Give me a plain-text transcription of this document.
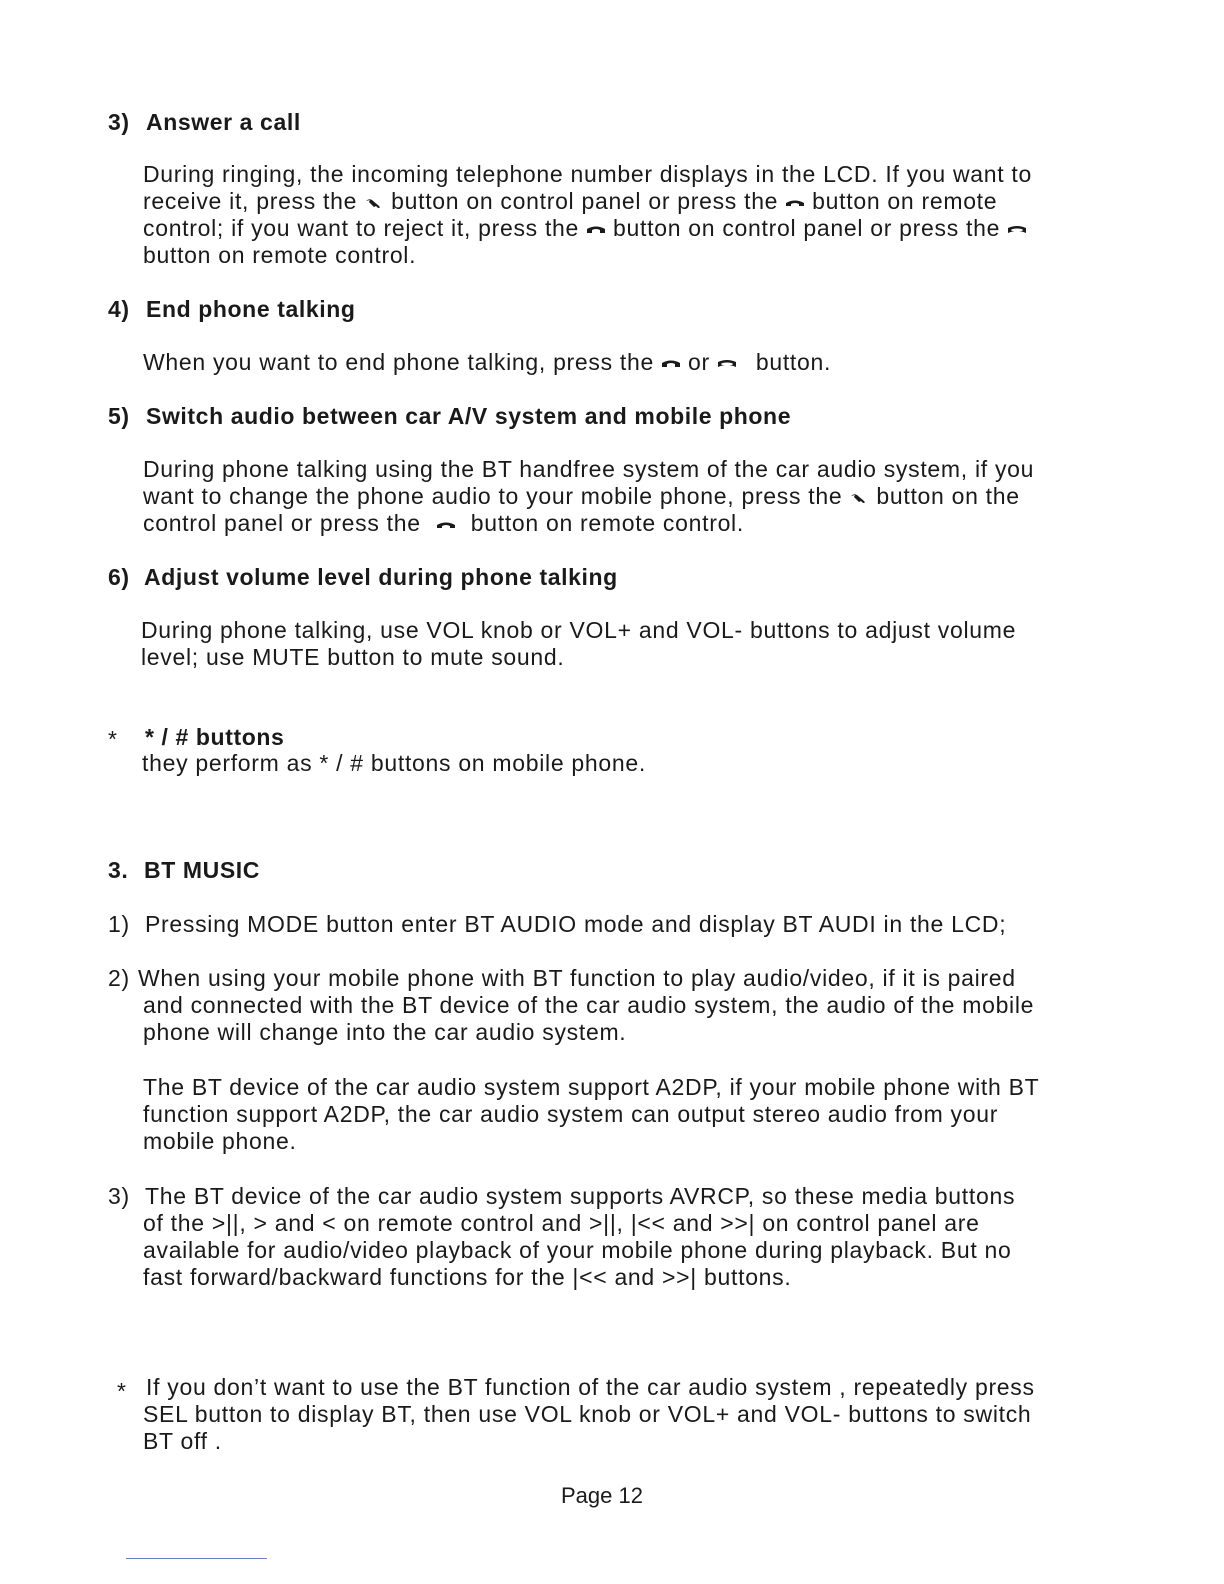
3) Answer a call
During ringing, the incoming telephone number displays in the LCD. If you want to
receive it, press the button on control panel or press the button on remote
control; if you want to reject it, press the button on control panel or press the
button on remote control.
4) End phone talking
When you want to end phone talking, press the or button.
5) Switch audio between car A/V system and mobile phone
During phone talking using the BT handfree system of the car audio system, if you
want to change the phone audio to your mobile phone, press the button on the
control panel or press the button on remote control.
6) Adjust volume level during phone talking
During phone talking, use VOL knob or VOL+ and VOL- buttons to adjust volume
level; use MUTE button to mute sound.
* * / # buttons
they perform as * / # buttons on mobile phone.
3. BT MUSIC
1) Pressing MODE button enter BT AUDIO mode and display BT AUDI in the LCD;
2) When using your mobile phone with BT function to play audio/video, if it is paired
and connected with the BT device of the car audio system, the audio of the mobile
phone will change into the car audio system.
The BT device of the car audio system support A2DP, if your mobile phone with BT
function support A2DP, the car audio system can output stereo audio from your
mobile phone.
3) The BT device of the car audio system supports AVRCP, so these media buttons
of the >||, > and < on remote control and >||, |<< and >>| on control panel are
available for audio/video playback of your mobile phone during playback. But no
fast forward/backward functions for the |<< and >>| buttons.
* If you don’t want to use the BT function of the car audio system , repeatedly press
SEL button to display BT, then use VOL knob or VOL+ and VOL- buttons to switch
BT off .
Page 12
